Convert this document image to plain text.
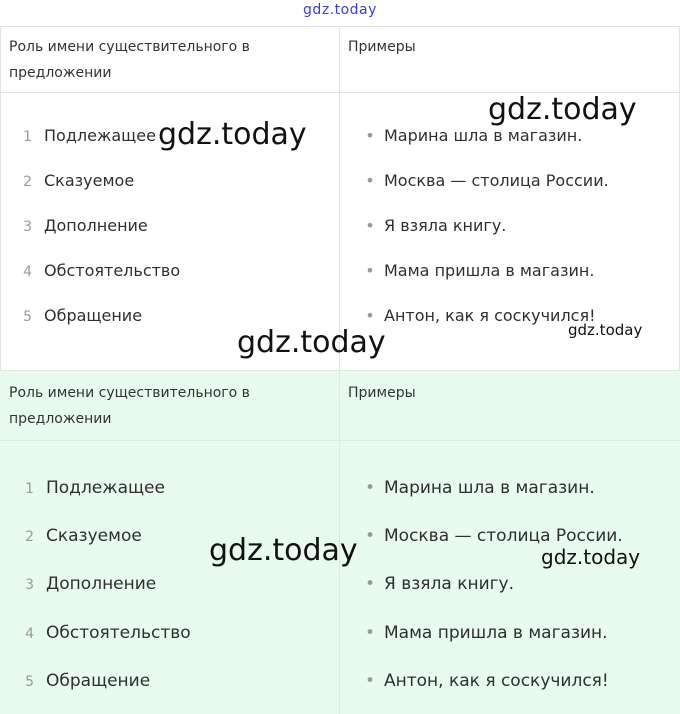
gdz.today
Роль имени существительного в предложении
Примеры
1 Подлежащее
2 Сказуемое
3 Дополнение
4 Обстоятельство
5 Обращение
• Марина шла в магазин.
• Москва — столица России.
• Я взяла книгу.
• Мама пришла в магазин.
• Антон, как я соскучился!
Роль имени существительного в предложении
Примеры
1 Подлежащее
2 Сказуемое
3 Дополнение
4 Обстоятельство
5 Обращение
• Марина шла в магазин.
• Москва — столица России.
• Я взяла книгу.
• Мама пришла в магазин.
• Антон, как я соскучился!
gdz.today
gdz.today
gdz.today
gdz.today
gdz.today	gdz.today
